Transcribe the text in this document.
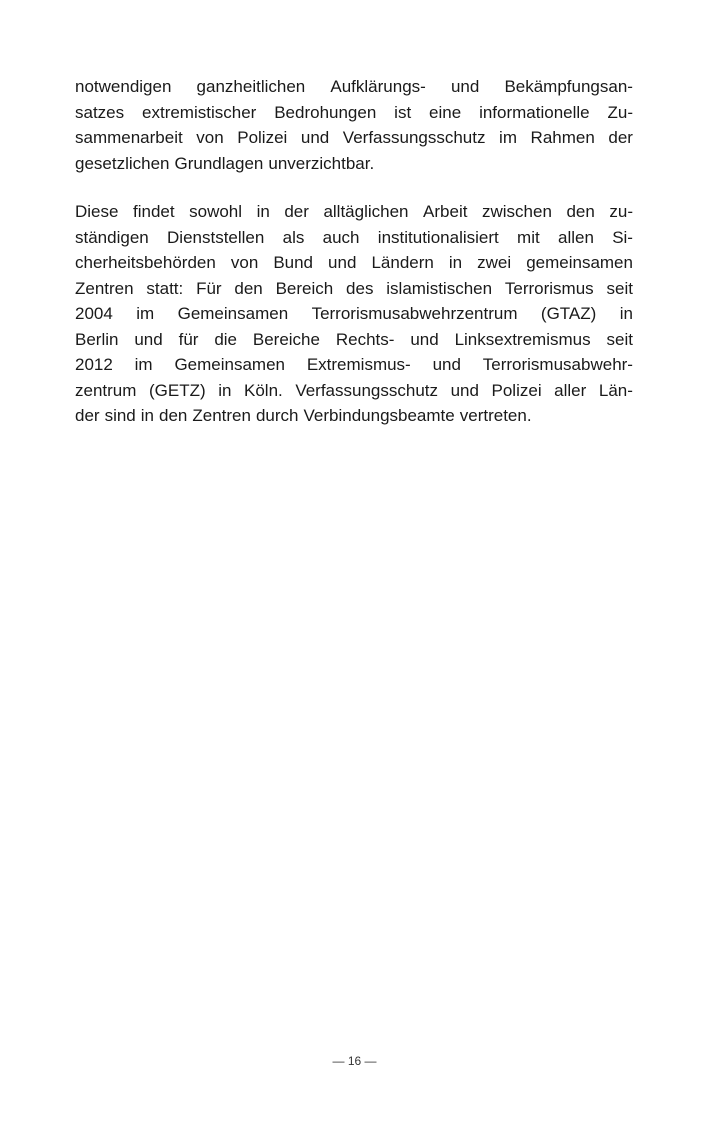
notwendigen ganzheitlichen Aufklärungs- und Bekämpfungsan-
satzes extremistischer Bedrohungen ist eine informationelle Zu-
sammenarbeit von Polizei und Verfassungsschutz im Rahmen der
gesetzlichen Grundlagen unverzichtbar.

Diese findet sowohl in der alltäglichen Arbeit zwischen den zu-
ständigen Dienststellen als auch institutionalisiert mit allen Si-
cherheitsbehörden von Bund und Ländern in zwei gemeinsamen
Zentren statt: Für den Bereich des islamistischen Terrorismus seit
2004 im Gemeinsamen Terrorismusabwehrzentrum (GTAZ) in
Berlin und für die Bereiche Rechts- und Linksextremismus seit
2012 im Gemeinsamen Extremismus- und Terrorismusabwehr-
zentrum (GETZ) in Köln. Verfassungsschutz und Polizei aller Län-
der sind in den Zentren durch Verbindungsbeamte vertreten.

— 16 —
